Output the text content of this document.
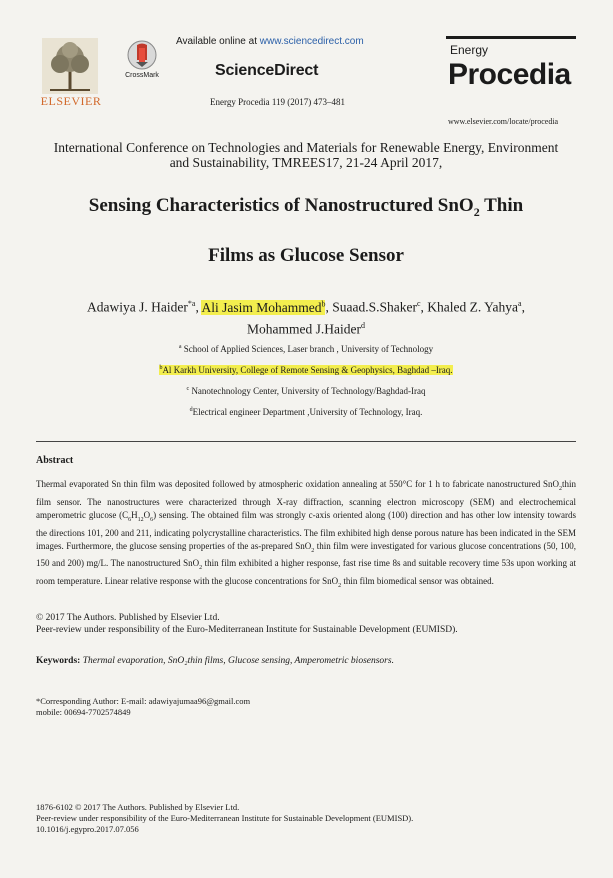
ELSEVIER
CrossMark
Available online at www.sciencedirect.com
ScienceDirect
Energy Procedia 119 (2017) 473–481
Energy
Procedia
www.elsevier.com/locate/procedia
International Conference on Technologies and Materials for Renewable Energy, Environment
and Sustainability, TMREES17, 21-24 April 2017,
Sensing Characteristics of Nanostructured SnO$_2$ Thin
Films as Glucose Sensor
Adawiya J. Haider$^{*a}$, Ali Jasim Mohammed$^b$, Suaad.S.Shaker$^c$, Khaled Z. Yahya$^a$,
Mohammed J.Haider$^d$
$^a$ School of Applied Sciences, Laser branch , University of Technology
$^b$Al Karkh University, College of Remote Sensing & Geophysics, Baghdad –Iraq.
$^c$ Nanotechnology Center, University of Technology/Baghdad-Iraq
$^d$Electrical engineer Department ,University of Technology, Iraq.
Abstract
Thermal evaporated Sn thin film was deposited followed by atmospheric oxidation annealing at 550°C for 1 h to fabricate nanostructured SnO$_2$thin film sensor. The nanostructures were characterized through X-ray diffraction, scanning electron microscopy (SEM) and electrochemical amperometric glucose $(C_6H_{12}O_6)$ sensing. The obtained film was strongly c-axis oriented along (100) direction and has other low intensity towards the directions 101, 200 and 211, indicating polycrystalline characteristics. The film exhibited high dense porous nature has been indicated in the SEM images. Furthermore, the glucose sensing properties of the as-prepared SnO$_2$ thin film were investigated for various glucose concentrations (50, 100, 150 and 200) mg/L. The nanostructured SnO$_2$ thin film exhibited a higher response, fast rise time 8s and suitable recovery time 53s upon working at room temperature. Linear relative response with the glucose concentrations for SnO$_2$ thin film biomedical sensor was obtained.
© 2017 The Authors. Published by Elsevier Ltd.
Peer-review under responsibility of the Euro-Mediterranean Institute for Sustainable Development (EUMISD).
Keywords: Thermal evaporation, SnO₂thin films, Glucose sensing, Amperometric biosensors.
*Corresponding Author: E-mail: adawiyajumaa96@gmail.com
mobile: 00694-7702574849
1876-6102 © 2017 The Authors. Published by Elsevier Ltd.
Peer-review under responsibility of the Euro-Mediterranean Institute for Sustainable Development (EUMISD).
10.1016/j.egypro.2017.07.056
